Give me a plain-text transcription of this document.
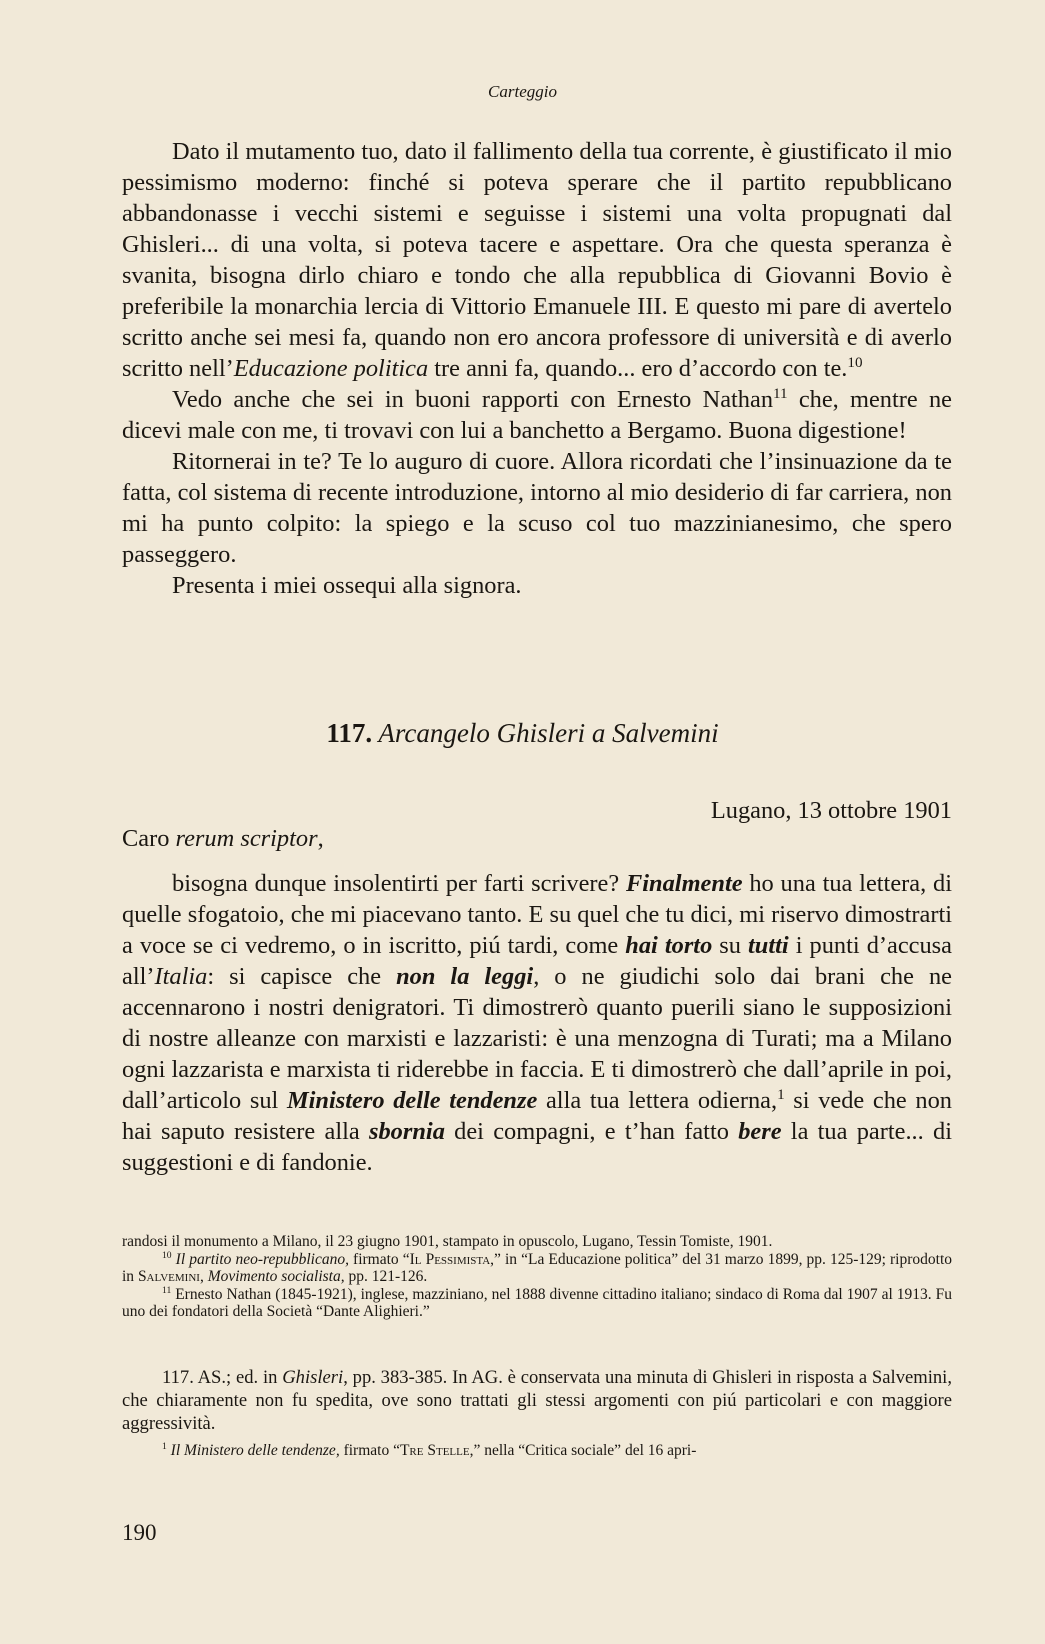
Carteggio

Dato il mutamento tuo, dato il fallimento della tua corrente, è giustificato il mio pessimismo moderno: finché si poteva sperare che il partito repubblicano abbandonasse i vecchi sistemi e seguisse i sistemi una volta propugnati dal Ghisleri... di una volta, si poteva tacere e aspettare. Ora che questa speranza è svanita, bisogna dirlo chiaro e tondo che alla repubblica di Giovanni Bovio è preferibile la monarchia lercia di Vittorio Emanuele III. E questo mi pare di avertelo scritto anche sei mesi fa, quando non ero ancora professore di università e di averlo scritto nell’Educazione politica tre anni fa, quando... ero d’accordo con te.$^{10}$

Vedo anche che sei in buoni rapporti con Ernesto Nathan$^{11}$ che, mentre ne dicevi male con me, ti trovavi con lui a banchetto a Bergamo. Buona digestione!

Ritornerai in te? Te lo auguro di cuore. Allora ricordati che l’insinuazione da te fatta, col sistema di recente introduzione, intorno al mio desiderio di far carriera, non mi ha punto colpito: la spiego e la scuso col tuo mazzinianesimo, che spero passeggero.

Presenta i miei ossequi alla signora.

117. Arcangelo Ghisleri a Salvemini
Lugano, 13 ottobre 1901
Caro rerum scriptor,

bisogna dunque insolentirti per farti scrivere? Finalmente ho una tua lettera, di quelle sfogatoio, che mi piacevano tanto. E su quel che tu dici, mi riservo dimostrarti a voce se ci vedremo, o in iscritto, piú tardi, come hai torto su tutti i punti d’accusa all’Italia: si capisce che non la leggi, o ne giudichi solo dai brani che ne accennarono i nostri denigratori. Ti dimostrerò quanto puerili siano le supposizioni di nostre alleanze con marxisti e lazzaristi: è una menzogna di Turati; ma a Milano ogni lazzarista e marxista ti riderebbe in faccia. E ti dimostrerò che dall’aprile in poi, dall’articolo sul Ministero delle tendenze alla tua lettera odierna,$^1$ si vede che non hai saputo resistere alla sbornia dei compagni, e t’han fatto bere la tua parte... di suggestioni e di fandonie.

randosi il monumento a Milano, il 23 giugno 1901, stampato in opuscolo, Lugano, Tessin Tomiste, 1901.

$^{10}$ Il partito neo-repubblicano, firmato “Il Pessimista,” in “La Educazione politica” del 31 marzo 1899, pp. 125-129; riprodotto in Salvemini, Movimento socialista, pp. 121-126.

$^{11}$ Ernesto Nathan (1845-1921), inglese, mazziniano, nel 1888 divenne cittadino italiano; sindaco di Roma dal 1907 al 1913. Fu uno dei fondatori della Società “Dante Alighieri.”

117. AS.; ed. in Ghisleri, pp. 383-385. In AG. è conservata una minuta di Ghisleri in risposta a Salvemini, che chiaramente non fu spedita, ove sono trattati gli stessi argomenti con piú particolari e con maggiore aggressività.

$^1$ Il Ministero delle tendenze, firmato “Tre Stelle,” nella “Critica sociale” del 16 apri-

190
